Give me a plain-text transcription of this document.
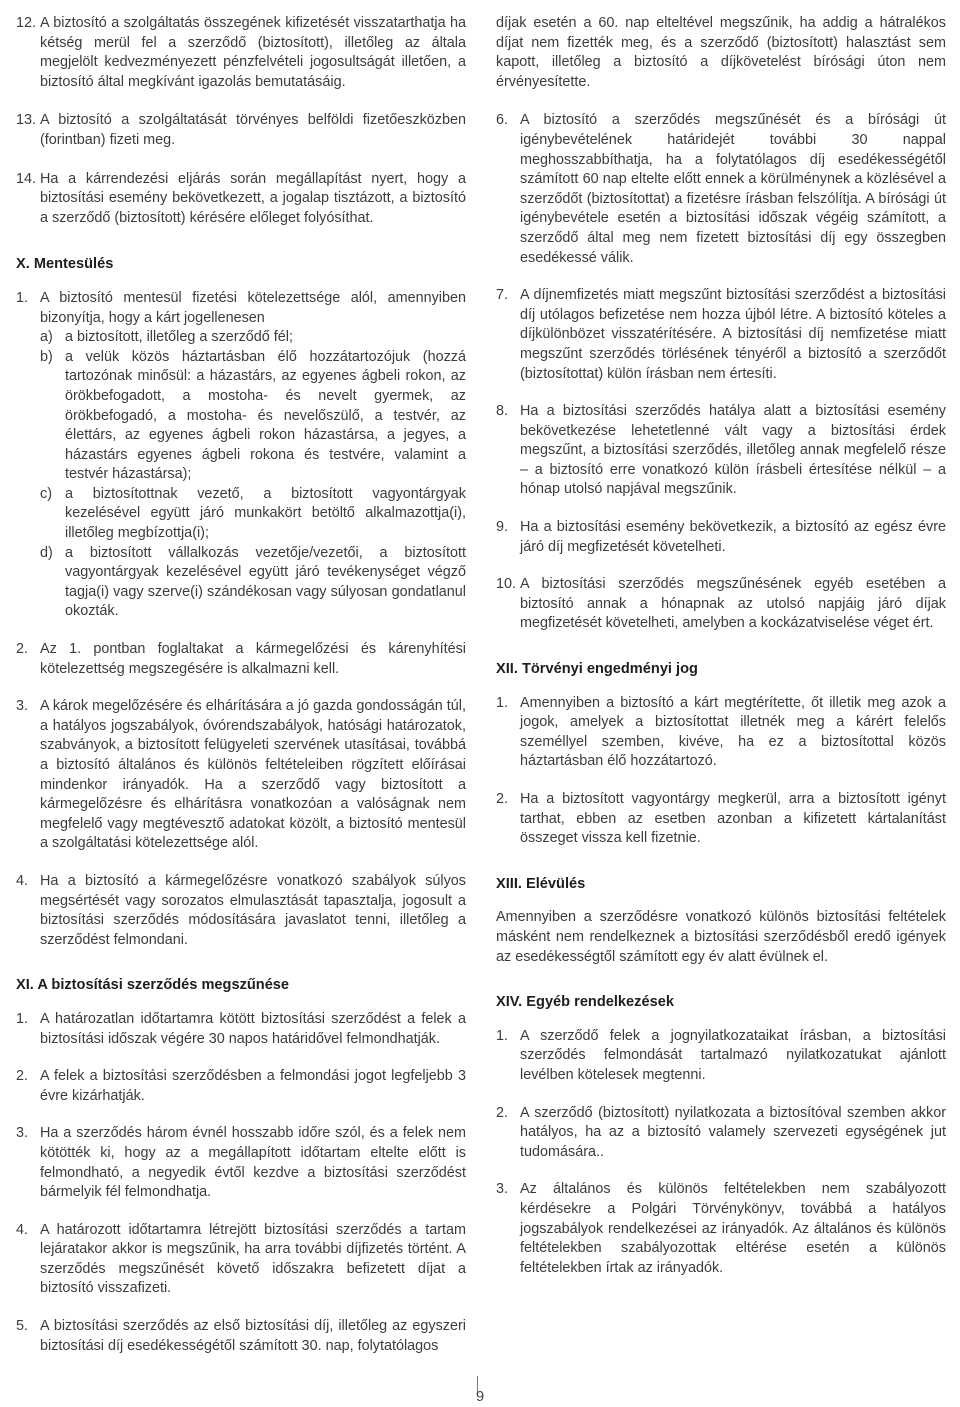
12. A biztosító a szolgáltatás összegének kifizetését visszatarthatja ha kétség merül fel a szerződő (biztosított), illetőleg az általa megjelölt kedvezményezett pénzfelvételi jogosultságát illetően, a biztosító által megkívánt igazolás bemutatásáig.

13. A biztosító a szolgáltatását törvényes belföldi fizetőeszközben (forintban) fizeti meg.

14. Ha a kárrendezési eljárás során megállapítást nyert, hogy a biztosítási esemény bekövetkezett, a jogalap tisztázott, a biztosító a szerződő (biztosított) kérésére előleget folyósíthat.

X. Mentesülés

1. A biztosító mentesül fizetési kötelezettsége alól, amennyiben bizonyítja, hogy a kárt jogellenesen

a) a biztosított, illetőleg a szerződő fél;
b) a velük közös háztartásban élő hozzátartozójuk (hozzá tartozónak minősül: a házastárs, az egyenes ágbeli rokon, az örökbefogadott, a mostoha- és nevelt gyermek, az örökbefogadó, a mostoha- és nevelőszülő, a testvér, az élettárs, az egyenes ágbeli rokon házastársa, a jegyes, a házastárs egyenes ágbeli rokona és testvére, valamint a testvér házastársa);
c) a biztosítottnak vezető, a biztosított vagyontárgyak kezelésével együtt járó munkakört betöltő alkalmazottja(i), illetőleg megbízottja(i);
d) a biztosított vállalkozás vezetője/vezetői, a biztosított vagyontárgyak kezelésével együtt járó tevékenységet végző tagja(i) vagy szerve(i) szándékosan vagy súlyosan gondatlanul okozták.

2. Az 1. pontban foglaltakat a kármegelőzési és kárenyhítési kötelezettség megszegésére is alkalmazni kell.

3. A károk megelőzésére és elhárítására a jó gazda gondosságán túl, a hatályos jogszabályok, óvórendszabályok, hatósági határozatok, szabványok, a biztosított felügyeleti szervének utasításai, továbbá a biztosító általános és különös feltételeiben rögzített előírásai mindenkor irányadók. Ha a szerződő vagy biztosított a kármegelőzésre és elhárításra vonatkozóan a valóságnak nem megfelelő vagy megtévesztő adatokat közölt, a biztosító mentesül a szolgáltatási kötelezettsége alól.

4. Ha a biztosító a kármegelőzésre vonatkozó szabályok súlyos megsértését vagy sorozatos elmulasztását tapasztalja, jogosult a biztosítási szerződés módosítására javaslatot tenni, illetőleg a szerződést felmondani.

XI. A biztosítási szerződés megszűnése

1. A határozatlan időtartamra kötött biztosítási szerződést a felek a biztosítási időszak végére 30 napos határidővel felmondhatják.

2. A felek a biztosítási szerződésben a felmondási jogot legfeljebb 3 évre kizárhatják.

3. Ha a szerződés három évnél hosszabb időre szól, és a felek nem kötötték ki, hogy az a megállapított időtartam eltelte előtt is felmondható, a negyedik évtől kezdve a biztosítási szerződést bármelyik fél felmondhatja.

4. A határozott időtartamra létrejött biztosítási szerződés a tartam lejáratakor akkor is megszűnik, ha arra további díjfizetés történt. A szerződés megszűnését követő időszakra befizetett díjat a biztosító visszafizeti.

5. A biztosítási szerződés az első biztosítási díj, illetőleg az egyszeri biztosítási díj esedékességétől számított 30. nap, folytatólagos

díjak esetén a 60. nap elteltével megszűnik, ha addig a hátralékos díjat nem fizették meg, és a szerződő (biztosított) halasztást sem kapott, illetőleg a biztosító a díjkövetelést bírósági úton nem érvényesítette.

6. A biztosító a szerződés megszűnését és a bírósági út igénybevételének határidejét további 30 nappal meghosszabbíthatja, ha a folytatólagos díj esedékességétől számított 60 nap eltelte előtt ennek a körülménynek a közlésével a szerződőt (biztosítottat) a fizetésre írásban felszólítja. A bírósági út igénybevétele esetén a biztosítási időszak végéig számított, a szerződő által meg nem fizetett biztosítási díj egy összegben esedékessé válik.

7. A díjnemfizetés miatt megszűnt biztosítási szerződést a biztosítási díj utólagos befizetése nem hozza újból létre. A biztosító köteles a díjkülönbözet visszatérítésére. A biztosítási díj nemfizetése miatt megszűnt szerződés törlésének tényéről a biztosító a szerződőt (biztosítottat) külön írásban nem értesíti.

8. Ha a biztosítási szerződés hatálya alatt a biztosítási esemény bekövetkezése lehetetlenné vált vagy a biztosítási érdek megszűnt, a biztosítási szerződés, illetőleg annak megfelelő része – a biztosító erre vonatkozó külön írásbeli értesítése nélkül – a hónap utolsó napjával megszűnik.

9. Ha a biztosítási esemény bekövetkezik, a biztosító az egész évre járó díj megfizetését követelheti.

10. A biztosítási szerződés megszűnésének egyéb esetében a biztosító annak a hónapnak az utolsó napjáig járó díjak megfizetését követelheti, amelyben a kockázatviselése véget ért.

XII. Törvényi engedményi jog

1. Amennyiben a biztosító a kárt megtérítette, őt illetik meg azok a jogok, amelyek a biztosítottat illetnék meg a kárért felelős személlyel szemben, kivéve, ha ez a biztosítottal közös háztartásban élő hozzátartozó.

2. Ha a biztosított vagyontárgy megkerül, arra a biztosított igényt tarthat, ebben az esetben azonban a kifizetett kártalanítást összeget vissza kell fizetnie.

XIII. Elévülés

Amennyiben a szerződésre vonatkozó különös biztosítási feltételek másként nem rendelkeznek a biztosítási szerződésből eredő igények az esedékességtől számított egy év alatt évülnek el.

XIV. Egyéb rendelkezések

1. A szerződő felek a jognyilatkozataikat írásban, a biztosítási szerződés felmondását tartalmazó nyilatkozatukat ajánlott levélben kötelesek megtenni.

2. A szerződő (biztosított) nyilatkozata a biztosítóval szemben akkor hatályos, ha az a biztosító valamely szervezeti egységének jut tudomására..

3. Az általános és különös feltételekben nem szabályozott kérdésekre a Polgári Törvénykönyv, továbbá a hatályos jogszabályok rendelkezései az irányadók. Az általános és különös feltételekben szabályozottak eltérése esetén a különös feltételekben írtak az irányadók.

9
